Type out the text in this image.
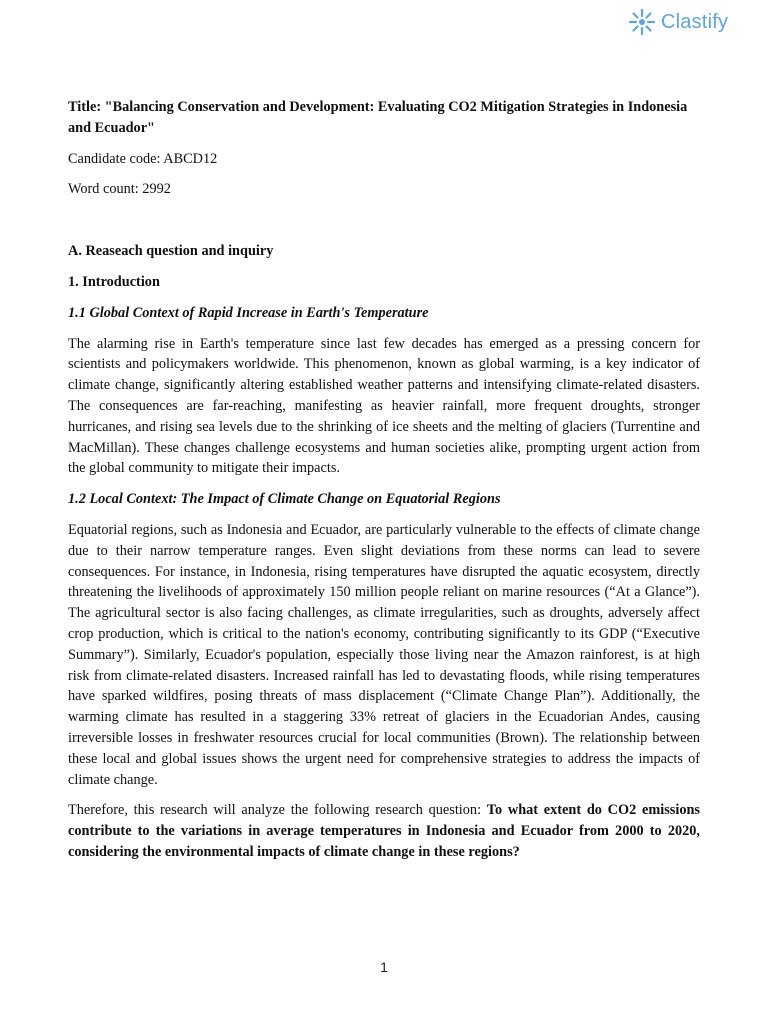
Clastify

Title: "Balancing Conservation and Development: Evaluating CO2 Mitigation Strategies in Indonesia and Ecuador"

Candidate code: ABCD12

Word count: 2992

A. Reaseach question and inquiry

1. Introduction

1.1 Global Context of Rapid Increase in Earth's Temperature

The alarming rise in Earth's temperature since last few decades has emerged as a pressing concern for scientists and policymakers worldwide. This phenomenon, known as global warming, is a key indicator of climate change, significantly altering established weather patterns and intensifying climate-related disasters. The consequences are far-reaching, manifesting as heavier rainfall, more frequent droughts, stronger hurricanes, and rising sea levels due to the shrinking of ice sheets and the melting of glaciers (Turrentine and MacMillan). These changes challenge ecosystems and human societies alike, prompting urgent action from the global community to mitigate their impacts.

1.2 Local Context: The Impact of Climate Change on Equatorial Regions

Equatorial regions, such as Indonesia and Ecuador, are particularly vulnerable to the effects of climate change due to their narrow temperature ranges. Even slight deviations from these norms can lead to severe consequences. For instance, in Indonesia, rising temperatures have disrupted the aquatic ecosystem, directly threatening the livelihoods of approximately 150 million people reliant on marine resources (“At a Glance”). The agricultural sector is also facing challenges, as climate irregularities, such as droughts, adversely affect crop production, which is critical to the nation's economy, contributing significantly to its GDP (“Executive Summary”). Similarly, Ecuador's population, especially those living near the Amazon rainforest, is at high risk from climate-related disasters. Increased rainfall has led to devastating floods, while rising temperatures have sparked wildfires, posing threats of mass displacement (“Climate Change Plan”). Additionally, the warming climate has resulted in a staggering 33% retreat of glaciers in the Ecuadorian Andes, causing irreversible losses in freshwater resources crucial for local communities (Brown). The relationship between these local and global issues shows the urgent need for comprehensive strategies to address the impacts of climate change.

Therefore, this research will analyze the following research question: To what extent do CO2 emissions contribute to the variations in average temperatures in Indonesia and Ecuador from 2000 to 2020, considering the environmental impacts of climate change in these regions?

1
